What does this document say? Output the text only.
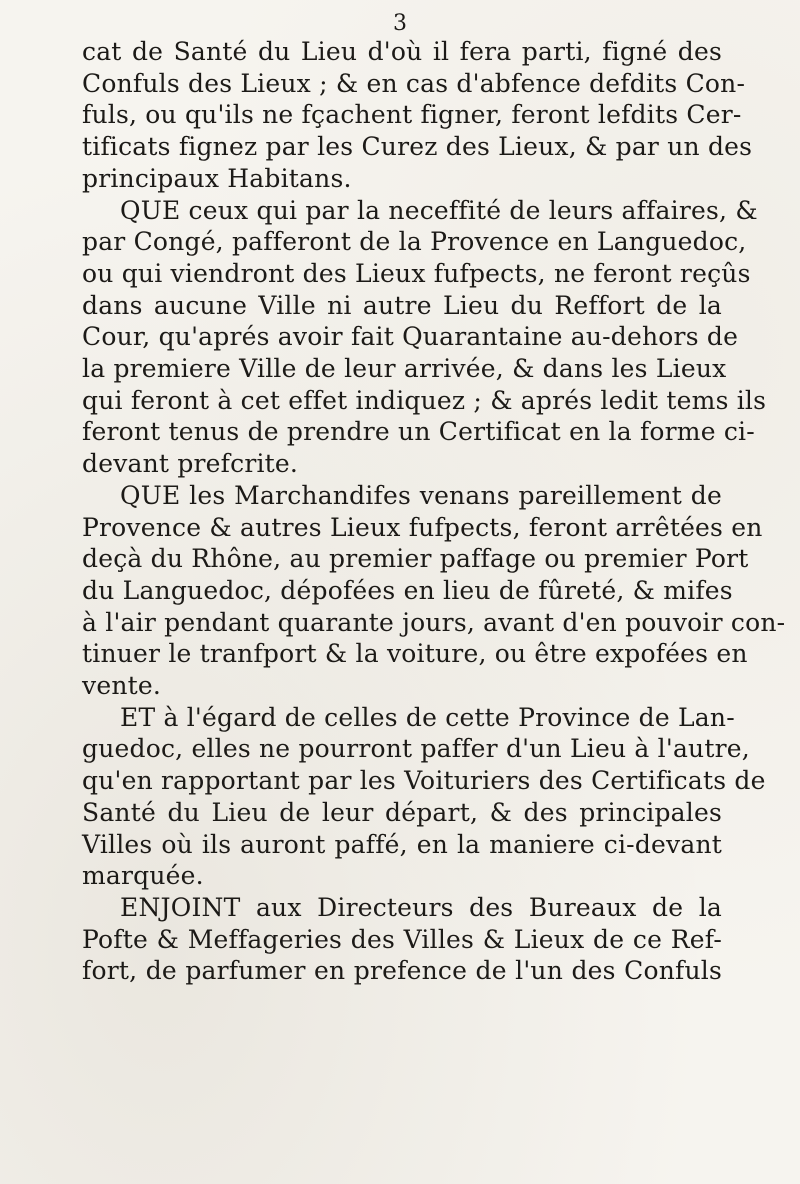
3
cat de Santé du Lieu d'où il fera parti, figné des
Confuls des Lieux ; & en cas d'abfence defdits Con-
fuls, ou qu'ils ne fçachent figner, feront lefdits Cer-
tificats fignez par les Curez des Lieux, & par un des
principaux Habitans.
QUE ceux qui par la neceffité de leurs affaires, &
par Congé, pafferont de la Provence en Languedoc,
ou qui viendront des Lieux fufpects, ne feront reçûs
dans aucune Ville ni autre Lieu du Reffort de la
Cour, qu'aprés avoir fait Quarantaine au-dehors de
la premiere Ville de leur arrivée, & dans les Lieux
qui feront à cet effet indiquez ; & aprés ledit tems ils
feront tenus de prendre un Certificat en la forme ci-
devant prefcrite.
QUE les Marchandifes venans pareillement de
Provence & autres Lieux fufpects, feront arrêtées en
deçà du Rhône, au premier paffage ou premier Port
du Languedoc, dépofées en lieu de fûreté, & mifes
à l'air pendant quarante jours, avant d'en pouvoir con-
tinuer le tranfport & la voiture, ou être expofées en
vente.
ET à l'égard de celles de cette Province de Lan-
guedoc, elles ne pourront paffer d'un Lieu à l'autre,
qu'en rapportant par les Voituriers des Certificats de
Santé du Lieu de leur départ, & des principales
Villes où ils auront paffé, en la maniere ci-devant
marquée.
ENJOINT aux Directeurs des Bureaux de la
Pofte & Meffageries des Villes & Lieux de ce Ref-
fort, de parfumer en prefence de l'un des Confuls
